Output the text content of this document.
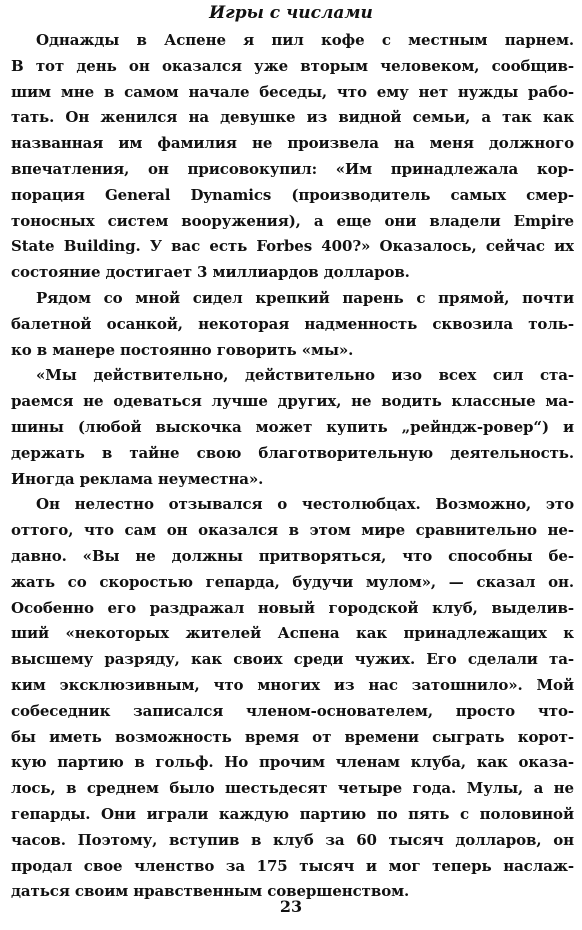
Игры с числами

Однажды в Аспене я пил кофе с местным парнем.
В тот день он оказался уже вторым человеком, сообщив-
шим мне в самом начале беседы, что ему нет нужды рабо-
тать. Он женился на девушке из видной семьи, а так как
названная им фамилия не произвела на меня должного
впечатления, он присовокупил: «Им принадлежала кор-
порация General Dynamics (производитель самых смер-
тоносных систем вооружения), а еще они владели Empire
State Building. У вас есть Forbes 400?» Оказалось, сейчас их
состояние достигает 3 миллиардов долларов.

Рядом со мной сидел крепкий парень с прямой, почти
балетной осанкой, некоторая надменность сквозила толь-
ко в манере постоянно говорить «мы».

«Мы действительно, действительно изо всех сил ста-
раемся не одеваться лучше других, не водить классные ма-
шины (любой выскочка может купить „рейндж-ровер“) и
держать в тайне свою благотворительную деятельность.
Иногда реклама неуместна».

Он нелестно отзывался о честолюбцах. Возможно, это
оттого, что сам он оказался в этом мире сравнительно не-
давно. «Вы не должны притворяться, что способны бе-
жать со скоростью гепарда, будучи мулом», — сказал он.
Особенно его раздражал новый городской клуб, выделив-
ший «некоторых жителей Аспена как принадлежащих к
высшему разряду, как своих среди чужих. Его сделали та-
ким эксклюзивным, что многих из нас затошнило». Мой
собеседник записался членом-основателем, просто что-
бы иметь возможность время от времени сыграть корот-
кую партию в гольф. Но прочим членам клуба, как оказа-
лось, в среднем было шестьдесят четыре года. Мулы, а не
гепарды. Они играли каждую партию по пять с половиной
часов. Поэтому, вступив в клуб за 60 тысяч долларов, он
продал свое членство за 175 тысяч и мог теперь наслаж-
даться своим нравственным совершенством.

23
